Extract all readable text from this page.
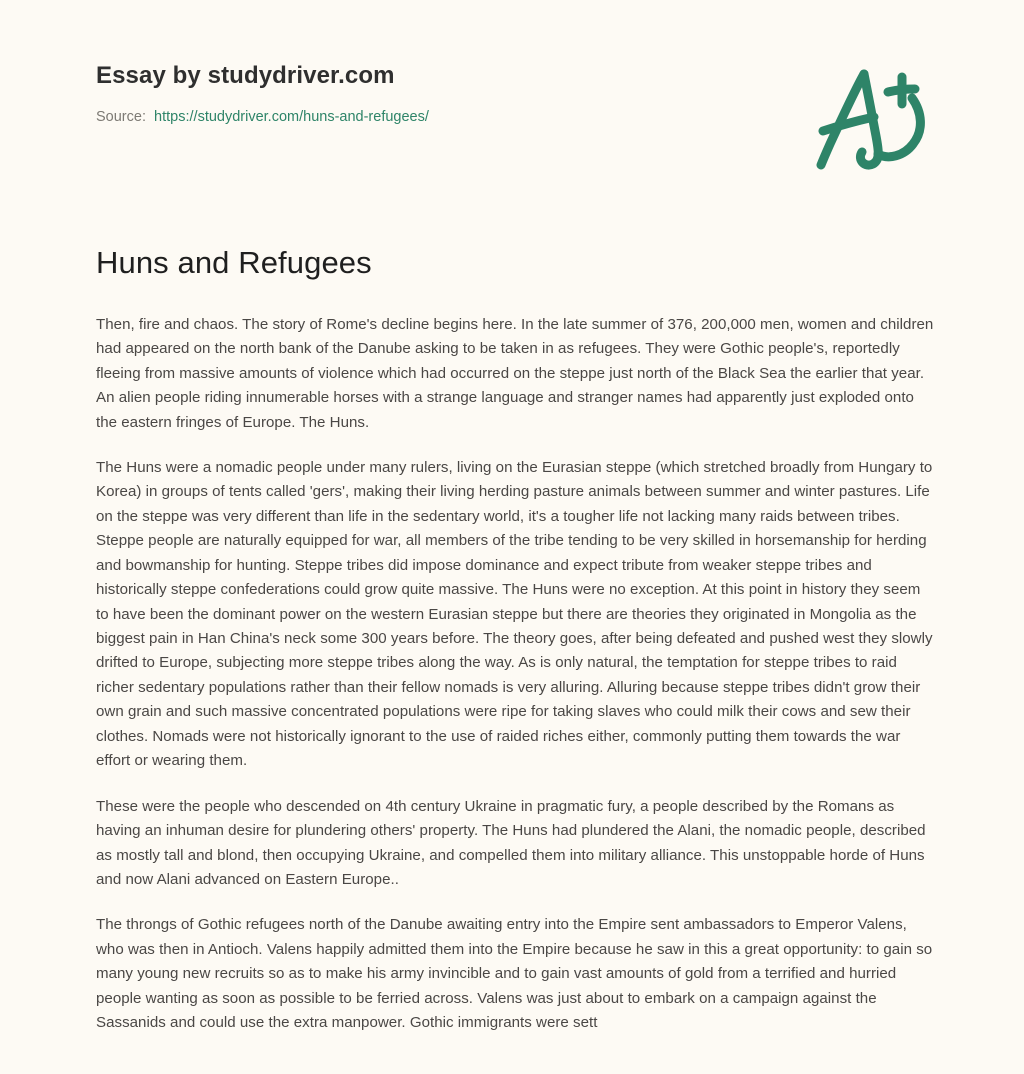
Essay by studydriver.com
Source: https://studydriver.com/huns-and-refugees/
Huns and Refugees

Then, fire and chaos. The story of Rome's decline begins here. In the late summer of 376, 200,000 men, women and children had appeared on the north bank of the Danube asking to be taken in as refugees. They were Gothic people's, reportedly fleeing from massive amounts of violence which had occurred on the steppe just north of the Black Sea the earlier that year. An alien people riding innumerable horses with a strange language and stranger names had apparently just exploded onto the eastern fringes of Europe. The Huns.

The Huns were a nomadic people under many rulers, living on the Eurasian steppe (which stretched broadly from Hungary to Korea) in groups of tents called 'gers', making their living herding pasture animals between summer and winter pastures. Life on the steppe was very different than life in the sedentary world, it's a tougher life not lacking many raids between tribes. Steppe people are naturally equipped for war, all members of the tribe tending to be very skilled in horsemanship for herding and bowmanship for hunting. Steppe tribes did impose dominance and expect tribute from weaker steppe tribes and historically steppe confederations could grow quite massive. The Huns were no exception. At this point in history they seem to have been the dominant power on the western Eurasian steppe but there are theories they originated in Mongolia as the biggest pain in Han China's neck some 300 years before. The theory goes, after being defeated and pushed west they slowly drifted to Europe, subjecting more steppe tribes along the way. As is only natural, the temptation for steppe tribes to raid richer sedentary populations rather than their fellow nomads is very alluring. Alluring because steppe tribes didn't grow their own grain and such massive concentrated populations were ripe for taking slaves who could milk their cows and sew their clothes. Nomads were not historically ignorant to the use of raided riches either, commonly putting them towards the war effort or wearing them.

These were the people who descended on 4th century Ukraine in pragmatic fury, a people described by the Romans as having an inhuman desire for plundering others' property. The Huns had plundered the Alani, the nomadic people, described as mostly tall and blond, then occupying Ukraine, and compelled them into military alliance. This unstoppable horde of Huns and now Alani advanced on Eastern Europe..

The throngs of Gothic refugees north of the Danube awaiting entry into the Empire sent ambassadors to Emperor Valens, who was then in Antioch. Valens happily admitted them into the Empire because he saw in this a great opportunity: to gain so many young new recruits so as to make his army invincible and to gain vast amounts of gold from a terrified and hurried people wanting as soon as possible to be ferried across. Valens was just about to embark on a campaign against the Sassanids and could use the extra manpower. Gothic immigrants were sett
